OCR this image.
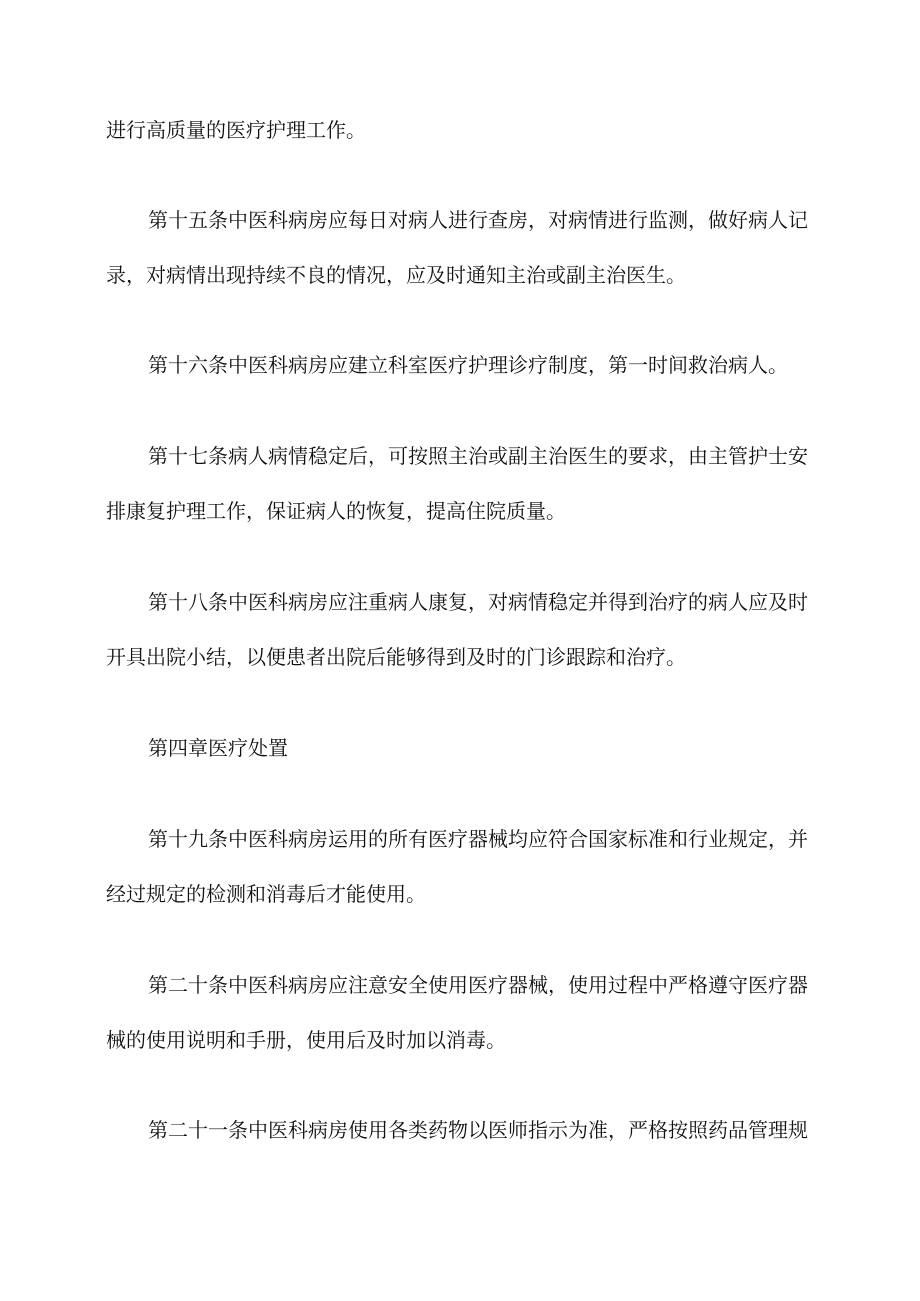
进行高质量的医疗护理工作。
第十五条中医科病房应每日对病人进行查房，对病情进行监测，做好病人记
录，对病情出现持续不良的情况，应及时通知主治或副主治医生。
第十六条中医科病房应建立科室医疗护理诊疗制度，第一时间救治病人。
第十七条病人病情稳定后，可按照主治或副主治医生的要求，由主管护士安
排康复护理工作，保证病人的恢复，提高住院质量。
第十八条中医科病房应注重病人康复，对病情稳定并得到治疗的病人应及时
开具出院小结，以便患者出院后能够得到及时的门诊跟踪和治疗。
第四章医疗处置
第十九条中医科病房运用的所有医疗器械均应符合国家标准和行业规定，并
经过规定的检测和消毒后才能使用。
第二十条中医科病房应注意安全使用医疗器械，使用过程中严格遵守医疗器
械的使用说明和手册，使用后及时加以消毒。
第二十一条中医科病房使用各类药物以医师指示为准，严格按照药品管理规
